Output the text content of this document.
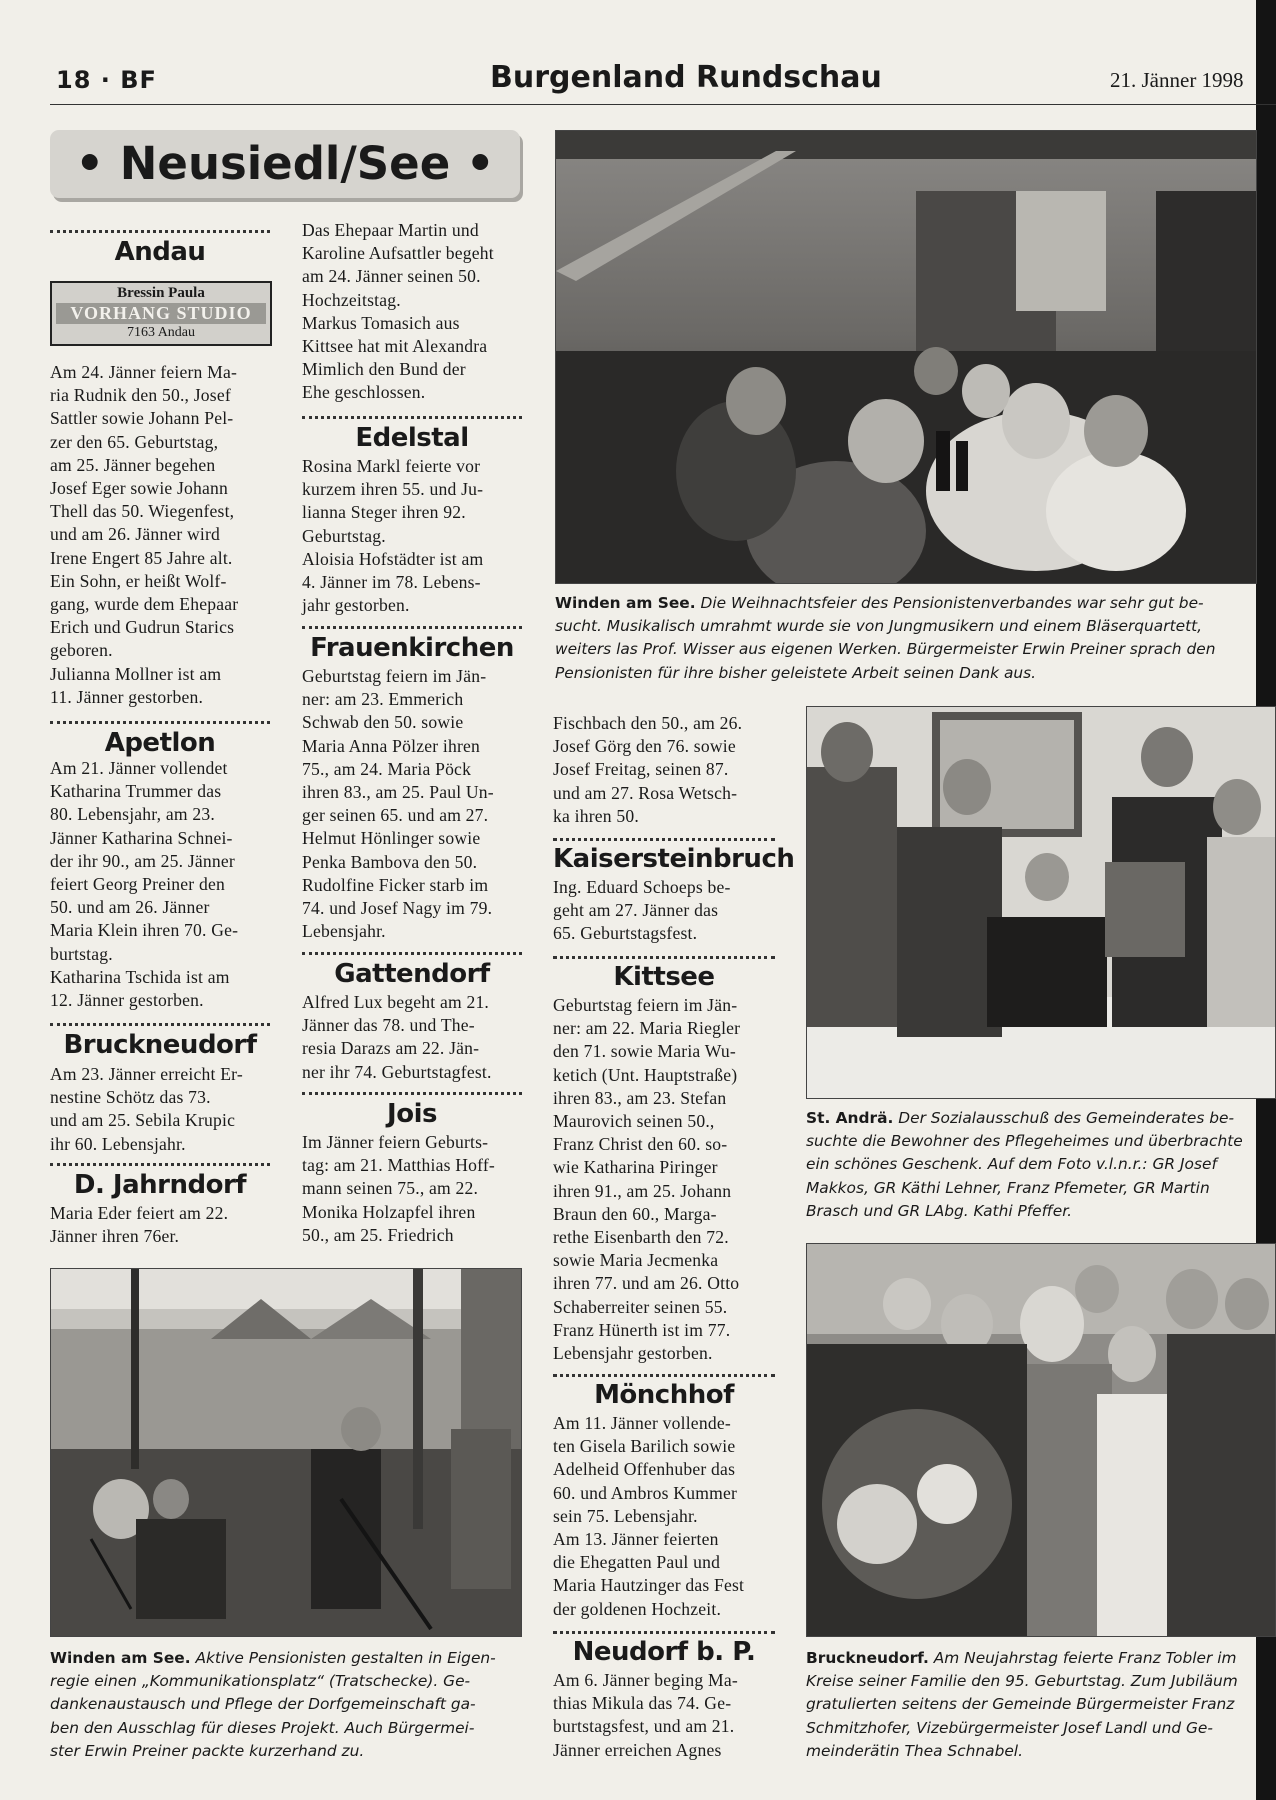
18 · BF	Burgenland Rundschau	21. Jänner 1998
• Neusiedl/See •
Andau
Bressin Paula
VORHANG STUDIO
7163 Andau
Am 24. Jänner feiern Ma-
ria Rudnik den 50., Josef
Sattler sowie Johann Pel-
zer den 65. Geburtstag,
am 25. Jänner begehen
Josef Eger sowie Johann
Thell das 50. Wiegenfest,
und am 26. Jänner wird
Irene Engert 85 Jahre alt.
Ein Sohn, er heißt Wolf-
gang, wurde dem Ehepaar
Erich und Gudrun Starics
geboren.
Julianna Mollner ist am
11. Jänner gestorben.
Apetlon
Am 21. Jänner vollendet
Katharina Trummer das
80. Lebensjahr, am 23.
Jänner Katharina Schnei-
der ihr 90., am 25. Jänner
feiert Georg Preiner den
50. und am 26. Jänner
Maria Klein ihren 70. Ge-
burtstag.
Katharina Tschida ist am
12. Jänner gestorben.
Bruckneudorf
Am 23. Jänner erreicht Er-
nestine Schötz das 73.
und am 25. Sebila Krupic
ihr 60. Lebensjahr.
D. Jahrndorf
Maria Eder feiert am 22.
Jänner ihren 76er.
Das Ehepaar Martin und
Karoline Aufsattler begeht
am 24. Jänner seinen 50.
Hochzeitstag.
Markus Tomasich aus
Kittsee hat mit Alexandra
Mimlich den Bund der
Ehe geschlossen.
Edelstal
Rosina Markl feierte vor
kurzem ihren 55. und Ju-
lianna Steger ihren 92.
Geburtstag.
Aloisia Hofstädter ist am
4. Jänner im 78. Lebens-
jahr gestorben.
Frauenkirchen
Geburtstag feiern im Jän-
ner: am 23. Emmerich
Schwab den 50. sowie
Maria Anna Pölzer ihren
75., am 24. Maria Pöck
ihren 83., am 25. Paul Un-
ger seinen 65. und am 27.
Helmut Hönlinger sowie
Penka Bambova den 50.
Rudolfine Ficker starb im
74. und Josef Nagy im 79.
Lebensjahr.
Gattendorf
Alfred Lux begeht am 21.
Jänner das 78. und The-
resia Darazs am 22. Jän-
ner ihr 74. Geburtstagfest.
Jois
Im Jänner feiern Geburts-
tag: am 21. Matthias Hoff-
mann seinen 75., am 22.
Monika Holzapfel ihren
50., am 25. Friedrich
Fischbach den 50., am 26.
Josef Görg den 76. sowie
Josef Freitag, seinen 87.
und am 27. Rosa Wetsch-
ka ihren 50.
Kaisersteinbruch
Ing. Eduard Schoeps be-
geht am 27. Jänner das
65. Geburtstagsfest.
Kittsee
Geburtstag feiern im Jän-
ner: am 22. Maria Riegler
den 71. sowie Maria Wu-
ketich (Unt. Hauptstraße)
ihren 83., am 23. Stefan
Maurovich seinen 50.,
Franz Christ den 60. so-
wie Katharina Piringer
ihren 91., am 25. Johann
Braun den 60., Marga-
rethe Eisenbarth den 72.
sowie Maria Jecmenka
ihren 77. und am 26. Otto
Schaberreiter seinen 55.
Franz Hünerth ist im 77.
Lebensjahr gestorben.
Mönchhof
Am 11. Jänner vollende-
ten Gisela Barilich sowie
Adelheid Offenhuber das
60. und Ambros Kummer
sein 75. Lebensjahr.
Am 13. Jänner feierten
die Ehegatten Paul und
Maria Hautzinger das Fest
der goldenen Hochzeit.
Neudorf b. P.
Am 6. Jänner beging Ma-
thias Mikula das 74. Ge-
burtstagsfest, und am 21.
Jänner erreichen Agnes
Winden am See. Die Weihnachtsfeier des Pensionistenverbandes war sehr gut be-
sucht. Musikalisch umrahmt wurde sie von Jungmusikern und einem Bläserquartett,
weiters las Prof. Wisser aus eigenen Werken. Bürgermeister Erwin Preiner sprach den
Pensionisten für ihre bisher geleistete Arbeit seinen Dank aus.
St. Andrä. Der Sozialausschuß des Gemeinderates be-
suchte die Bewohner des Pflegeheimes und überbrachte
ein schönes Geschenk. Auf dem Foto v.l.n.r.: GR Josef
Makkos, GR Käthi Lehner, Franz Pfemeter, GR Martin
Brasch und GR LAbg. Kathi Pfeffer.
Winden am See. Aktive Pensionisten gestalten in Eigen-
regie einen „Kommunikationsplatz“ (Tratschecke). Ge-
dankenaustausch und Pflege der Dorfgemeinschaft ga-
ben den Ausschlag für dieses Projekt. Auch Bürgermei-
ster Erwin Preiner packte kurzerhand zu.
Bruckneudorf. Am Neujahrstag feierte Franz Tobler im
Kreise seiner Familie den 95. Geburtstag. Zum Jubiläum
gratulierten seitens der Gemeinde Bürgermeister Franz
Schmitzhofer, Vizebürgermeister Josef Landl und Ge-
meinderätin Thea Schnabel.
